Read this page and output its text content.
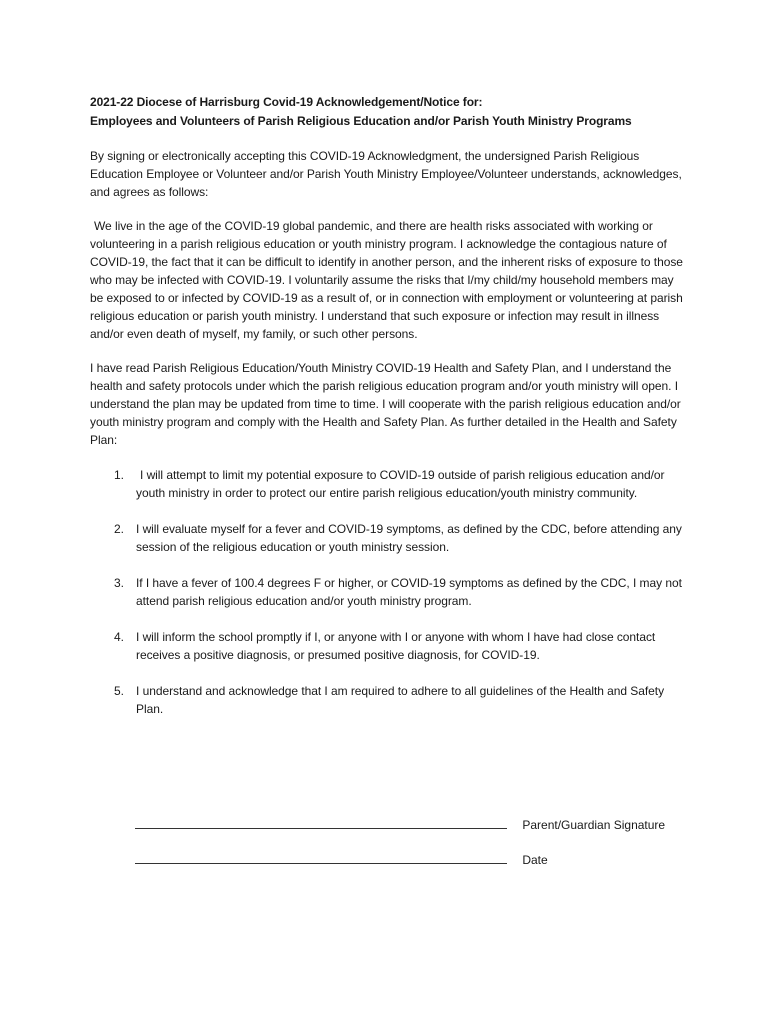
2021-22 Diocese of Harrisburg Covid-19 Acknowledgement/Notice for:

Employees and Volunteers of Parish Religious Education and/or Parish Youth Ministry Programs

By signing or electronically accepting this COVID-19 Acknowledgment, the undersigned Parish Religious Education Employee or Volunteer and/or Parish Youth Ministry Employee/Volunteer understands, acknowledges, and agrees as follows:

We live in the age of the COVID-19 global pandemic, and there are health risks associated with working or volunteering in a parish religious education or youth ministry program. I acknowledge the contagious nature of COVID-19, the fact that it can be difficult to identify in another person, and the inherent risks of exposure to those who may be infected with COVID-19. I voluntarily assume the risks that I/my child/my household members may be exposed to or infected by COVID-19 as a result of, or in connection with employment or volunteering at parish religious education or parish youth ministry. I understand that such exposure or infection may result in illness and/or even death of myself, my family, or such other persons.

I have read Parish Religious Education/Youth Ministry COVID-19 Health and Safety Plan, and I understand the health and safety protocols under which the parish religious education program and/or youth ministry will open. I understand the plan may be updated from time to time. I will cooperate with the parish religious education and/or youth ministry program and comply with the Health and Safety Plan. As further detailed in the Health and Safety Plan:

1. I will attempt to limit my potential exposure to COVID-19 outside of parish religious education and/or youth ministry in order to protect our entire parish religious education/youth ministry community.
2. I will evaluate myself for a fever and COVID-19 symptoms, as defined by the CDC, before attending any session of the religious education or youth ministry session.
3. If I have a fever of 100.4 degrees F or higher, or COVID-19 symptoms as defined by the CDC, I may not attend parish religious education and/or youth ministry program.
4. I will inform the school promptly if I, or anyone with I or anyone with whom I have had close contact receives a positive diagnosis, or presumed positive diagnosis, for COVID-19.
5. I understand and acknowledge that I am required to adhere to all guidelines of the Health and Safety Plan.
Parent/Guardian Signature
Date
